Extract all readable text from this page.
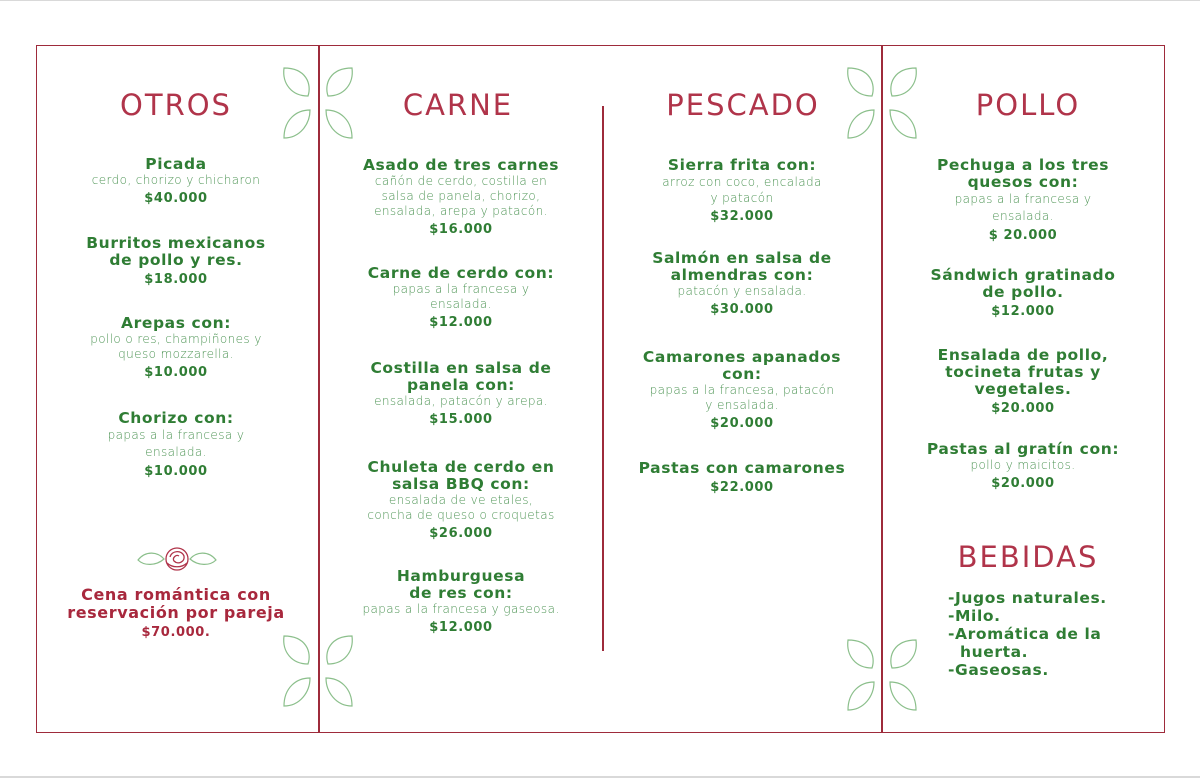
OTROS	CARNE	PESCADO	POLLO
BEBIDAS
Picada
cerdo, chorizo y chicharon
$40.000
Burritos mexicanos
de pollo y res.
$18.000
Arepas con:
pollo o res, champiñones y
queso mozzarella.
$10.000
Chorizo con:
papas a la francesa y
ensalada.
$10.000
Cena romántica con
reservación por pareja
$70.000.
Asado de tres carnes
cañón de cerdo, costilla en
salsa de panela, chorizo,
ensalada, arepa y patacón.
$16.000
Carne de cerdo con:
papas a la francesa y
ensalada.
$12.000
Costilla en salsa de
panela con:
ensalada, patacón y arepa.
$15.000
Chuleta de cerdo en
salsa BBQ con:
ensalada de ve etales,
concha de queso o croquetas
$26.000
Hamburguesa
de res con:
papas a la francesa y gaseosa.
$12.000
Sierra frita con:
arroz con coco, encalada
y patacón
$32.000
Salmón en salsa de
almendras con:
patacón y ensalada.
$30.000
Camarones apanados
con:
papas a la francesa, patacón
y ensalada.
$20.000
Pastas con camarones
$22.000
Pechuga a los tres
quesos con:
papas a la francesa y
ensalada.
$ 20.000
Sándwich gratinado
de pollo.
$12.000
Ensalada de pollo,
tocineta frutas y
vegetales.
$20.000
Pastas al gratín con:
pollo y maicitos.
$20.000
-Jugos naturales.
-Milo.
-Aromática de la
huerta.
-Gaseosas.
